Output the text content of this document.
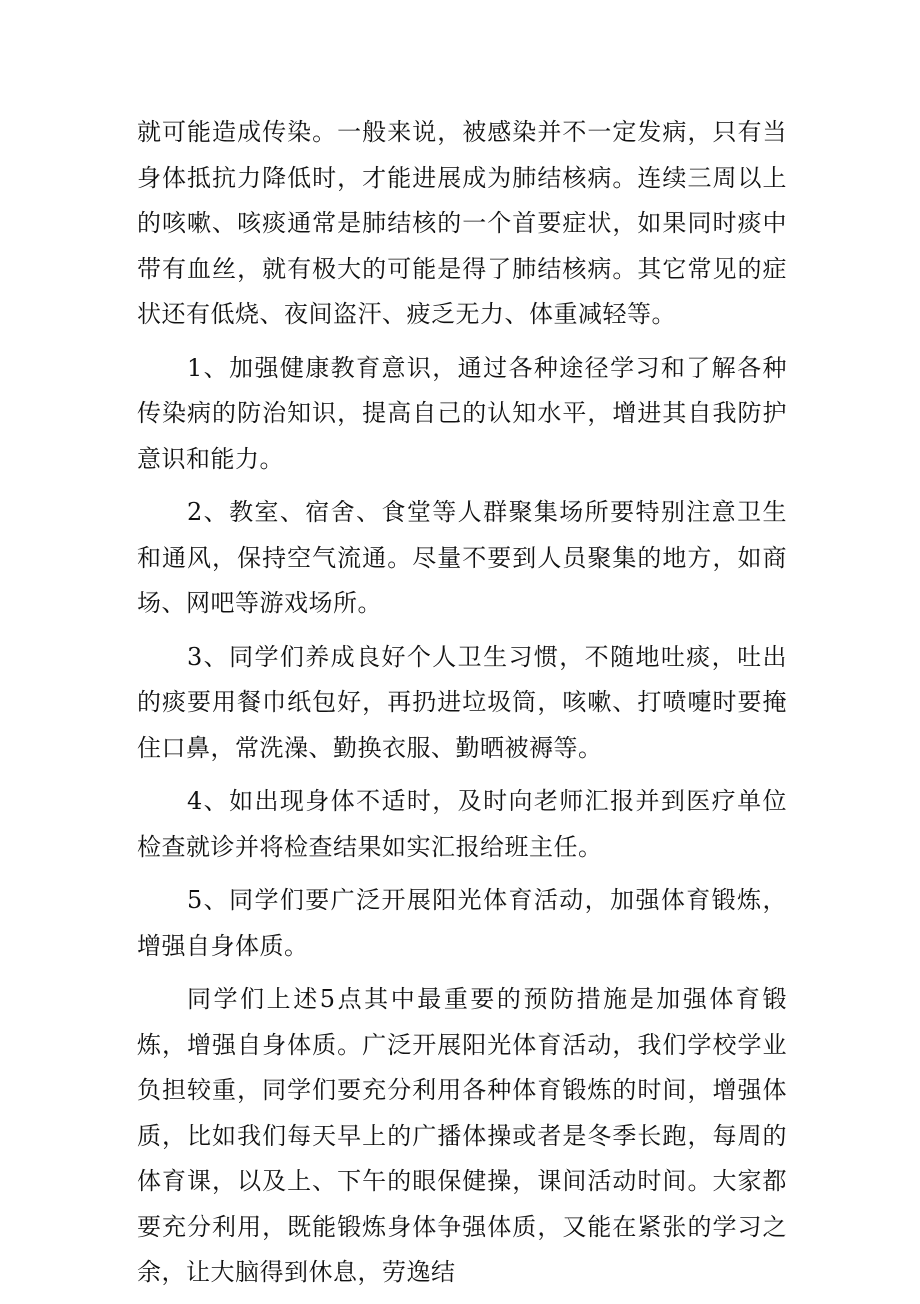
就可能造成传染。一般来说，被感染并不一定发病，只有当身体抵抗力降低时，才能进展成为肺结核病。连续三周以上的咳嗽、咳痰通常是肺结核的一个首要症状，如果同时痰中带有血丝，就有极大的可能是得了肺结核病。其它常见的症状还有低烧、夜间盗汗、疲乏无力、体重减轻等。

1、加强健康教育意识，通过各种途径学习和了解各种传染病的防治知识，提高自己的认知水平，增进其自我防护意识和能力。

2、教室、宿舍、食堂等人群聚集场所要特别注意卫生和通风，保持空气流通。尽量不要到人员聚集的地方，如商场、网吧等游戏场所。

3、同学们养成良好个人卫生习惯，不随地吐痰，吐出的痰要用餐巾纸包好，再扔进垃圾筒，咳嗽、打喷嚏时要掩住口鼻，常洗澡、勤换衣服、勤晒被褥等。

4、如出现身体不适时，及时向老师汇报并到医疗单位检查就诊并将检查结果如实汇报给班主任。

5、同学们要广泛开展阳光体育活动，加强体育锻炼，增强自身体质。

同学们上述5点其中最重要的预防措施是加强体育锻炼，增强自身体质。广泛开展阳光体育活动，我们学校学业负担较重，同学们要充分利用各种体育锻炼的时间，增强体质，比如我们每天早上的广播体操或者是冬季长跑，每周的体育课，以及上、下午的眼保健操，课间活动时间。大家都要充分利用，既能锻炼身体争强体质，又能在紧张的学习之余，让大脑得到休息，劳逸结
